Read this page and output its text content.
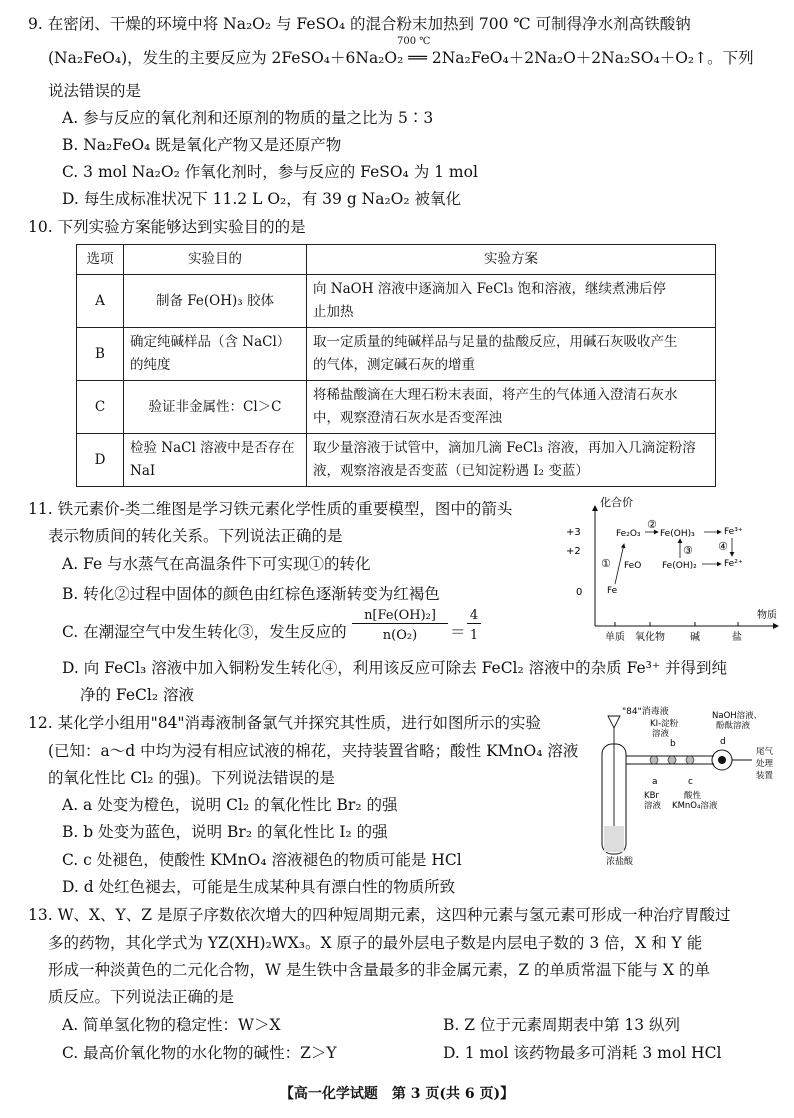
9. 在密闭、干燥的环境中将 Na₂O₂ 与 FeSO₄ 的混合粉末加热到 700 ℃ 可制得净水剂高铁酸钠
(Na₂FeO₄)，发生的主要反应为 2FeSO₄＋6Na₂O₂ ══ 2Na₂FeO₄＋2Na₂O＋2Na₂SO₄＋O₂↑。下列
700 ℃
说法错误的是
A. 参与反应的氧化剂和还原剂的物质的量之比为 5∶3
B. Na₂FeO₄ 既是氧化产物又是还原产物
C. 3 mol Na₂O₂ 作氧化剂时，参与反应的 FeSO₄ 为 1 mol
D. 每生成标准状况下 11.2 L O₂，有 39 g Na₂O₂ 被氧化
10. 下列实验方案能够达到实验目的的是
选项	实验目的	实验方案
A	制备 Fe(OH)₃ 胶体	向 NaOH 溶液中逐滴加入 FeCl₃ 饱和溶液，继续煮沸后停
止加热

B	确定纯碱样品（含 NaCl）的纯度	取一定质量的纯碱样品与足量的盐酸反应，用碱石灰吸收产生
的气体，测定碱石灰的增重

C	验证非金属性：Cl＞C	将稀盐酸滴在大理石粉末表面，将产生的气体通入澄清石灰水
中，观察澄清石灰水是否变浑浊

D	检验 NaCl 溶液中是否存在 NaI	取少量溶液于试管中，滴加几滴 FeCl₃ 溶液，再加入几滴淀粉溶
液，观察溶液是否变蓝（已知淀粉遇 I₂ 变蓝）
11. 铁元素价-类二维图是学习铁元素化学性质的重要模型，图中的箭头
表示物质间的转化关系。下列说法正确的是
A. Fe 与水蒸气在高温条件下可实现①的转化
B. 转化②过程中固体的颜色由红棕色逐渐转变为红褐色
C. 在潮湿空气中发生转化③，发生反应的
n[Fe(OH)₂]
n(O₂)	＝
4
1
D. 向 FeCl₃ 溶液中加入铜粉发生转化④，利用该反应可除去 FeCl₂ 溶液中的杂质 Fe³⁺ 并得到纯
净的 FeCl₂ 溶液
化合价
物质
+3
+2
0
单质 氧化物	碱	盐
Fe₂O₃ Fe(OH)₃	Fe³⁺
FeO Fe(OH)₂	Fe²⁺
Fe
①
②
③ ④
12. 某化学小组用"84"消毒液制备氯气并探究其性质，进行如图所示的实验
(已知：a～d 中均为浸有相应试液的棉花，夹持装置省略；酸性 KMnO₄ 溶液
的氧化性比 Cl₂ 的强)。下列说法错误的是
A. a 处变为橙色，说明 Cl₂ 的氧化性比 Br₂ 的强
B. b 处变为蓝色，说明 Br₂ 的氧化性比 I₂ 的强
C. c 处褪色，使酸性 KMnO₄ 溶液褪色的物质可能是 HCl
D. d 处红色褪去，可能是生成某种具有漂白性的物质所致
"84"消毒液
KI-淀粉
溶液
NaOH溶液、
酚酞溶液
尾气
处理
装置
a
b
c
d
KBr
溶液
酸性
KMnO₄溶液
浓盐酸
13. W、X、Y、Z 是原子序数依次增大的四种短周期元素，这四种元素与氢元素可形成一种治疗胃酸过
多的药物，其化学式为 YZ(XH)₂WX₃。X 原子的最外层电子数是内层电子数的 3 倍，X 和 Y 能
形成一种淡黄色的二元化合物，W 是生铁中含量最多的非金属元素，Z 的单质常温下能与 X 的单
质反应。下列说法正确的是
A. 简单氢化物的稳定性：W＞X	B. Z 位于元素周期表中第 13 纵列
C. 最高价氧化物的水化物的碱性：Z＞Y	D. 1 mol 该药物最多可消耗 3 mol HCl
【高一化学试题　第 3 页(共 6 页)】
